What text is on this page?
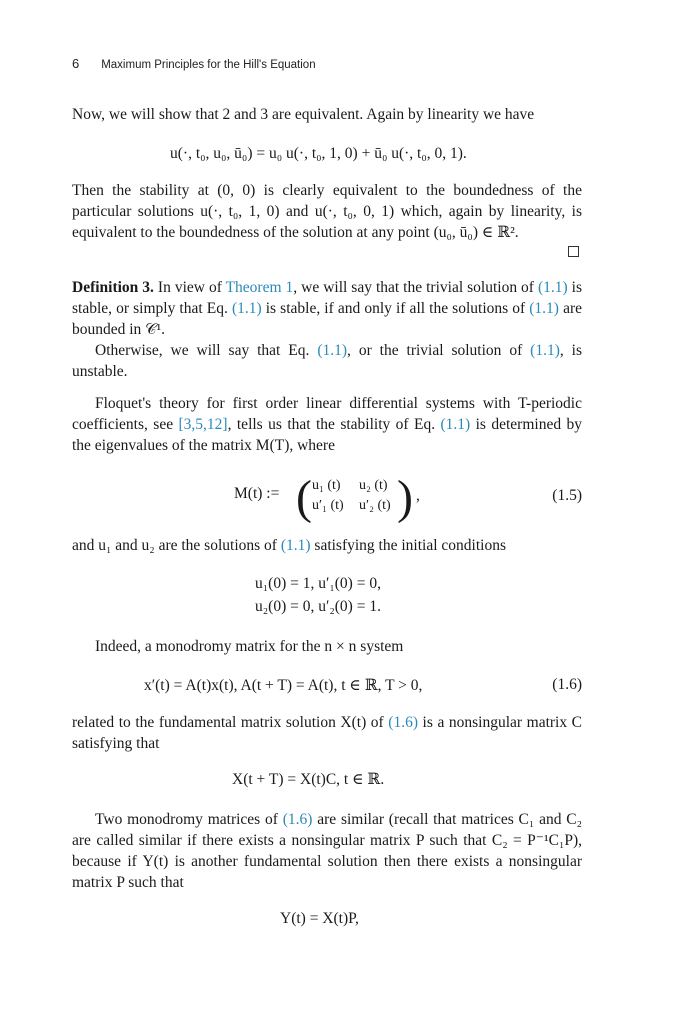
6 Maximum Principles for the Hill's Equation
Now, we will show that 2 and 3 are equivalent. Again by linearity we have
u(·, t₀, u₀, ū₀) = u₀ u(·, t₀, 1, 0) + ū₀ u(·, t₀, 0, 1).
Then the stability at (0, 0) is clearly equivalent to the boundedness of the particular solutions u(·, t₀, 1, 0) and u(·, t₀, 0, 1) which, again by linearity, is equivalent to the boundedness of the solution at any point (u₀, ū₀) ∈ ℝ².
Definition 3. In view of Theorem 1, we will say that the trivial solution of (1.1) is stable, or simply that Eq. (1.1) is stable, if and only if all the solutions of (1.1) are bounded in 𝒞¹.
Otherwise, we will say that Eq. (1.1), or the trivial solution of (1.1), is unstable.
Floquet's theory for first order linear differential systems with T-periodic coefficients, see [3,5,12], tells us that the stability of Eq. (1.1) is determined by the eigenvalues of the matrix M(T), where
M(t) := ( u₁ (t) u₂ (t)
u′₁ (t) u′₂ (t) ) ,	(1.5)
and u₁ and u₂ are the solutions of (1.1) satisfying the initial conditions
u₁(0) = 1, u′₁(0) = 0,
u₂(0) = 0, u′₂(0) = 1.
Indeed, a monodromy matrix for the n × n system
x′(t) = A(t)x(t), A(t + T) = A(t), t ∈ ℝ, T > 0,	(1.6)
related to the fundamental matrix solution X(t) of (1.6) is a nonsingular matrix C satisfying that
X(t + T) = X(t)C, t ∈ ℝ.
Two monodromy matrices of (1.6) are similar (recall that matrices C₁ and C₂ are called similar if there exists a nonsingular matrix P such that C₂ = P⁻¹C₁P), because if Y(t) is another fundamental solution then there exists a nonsingular matrix P such that
Y(t) = X(t)P,
